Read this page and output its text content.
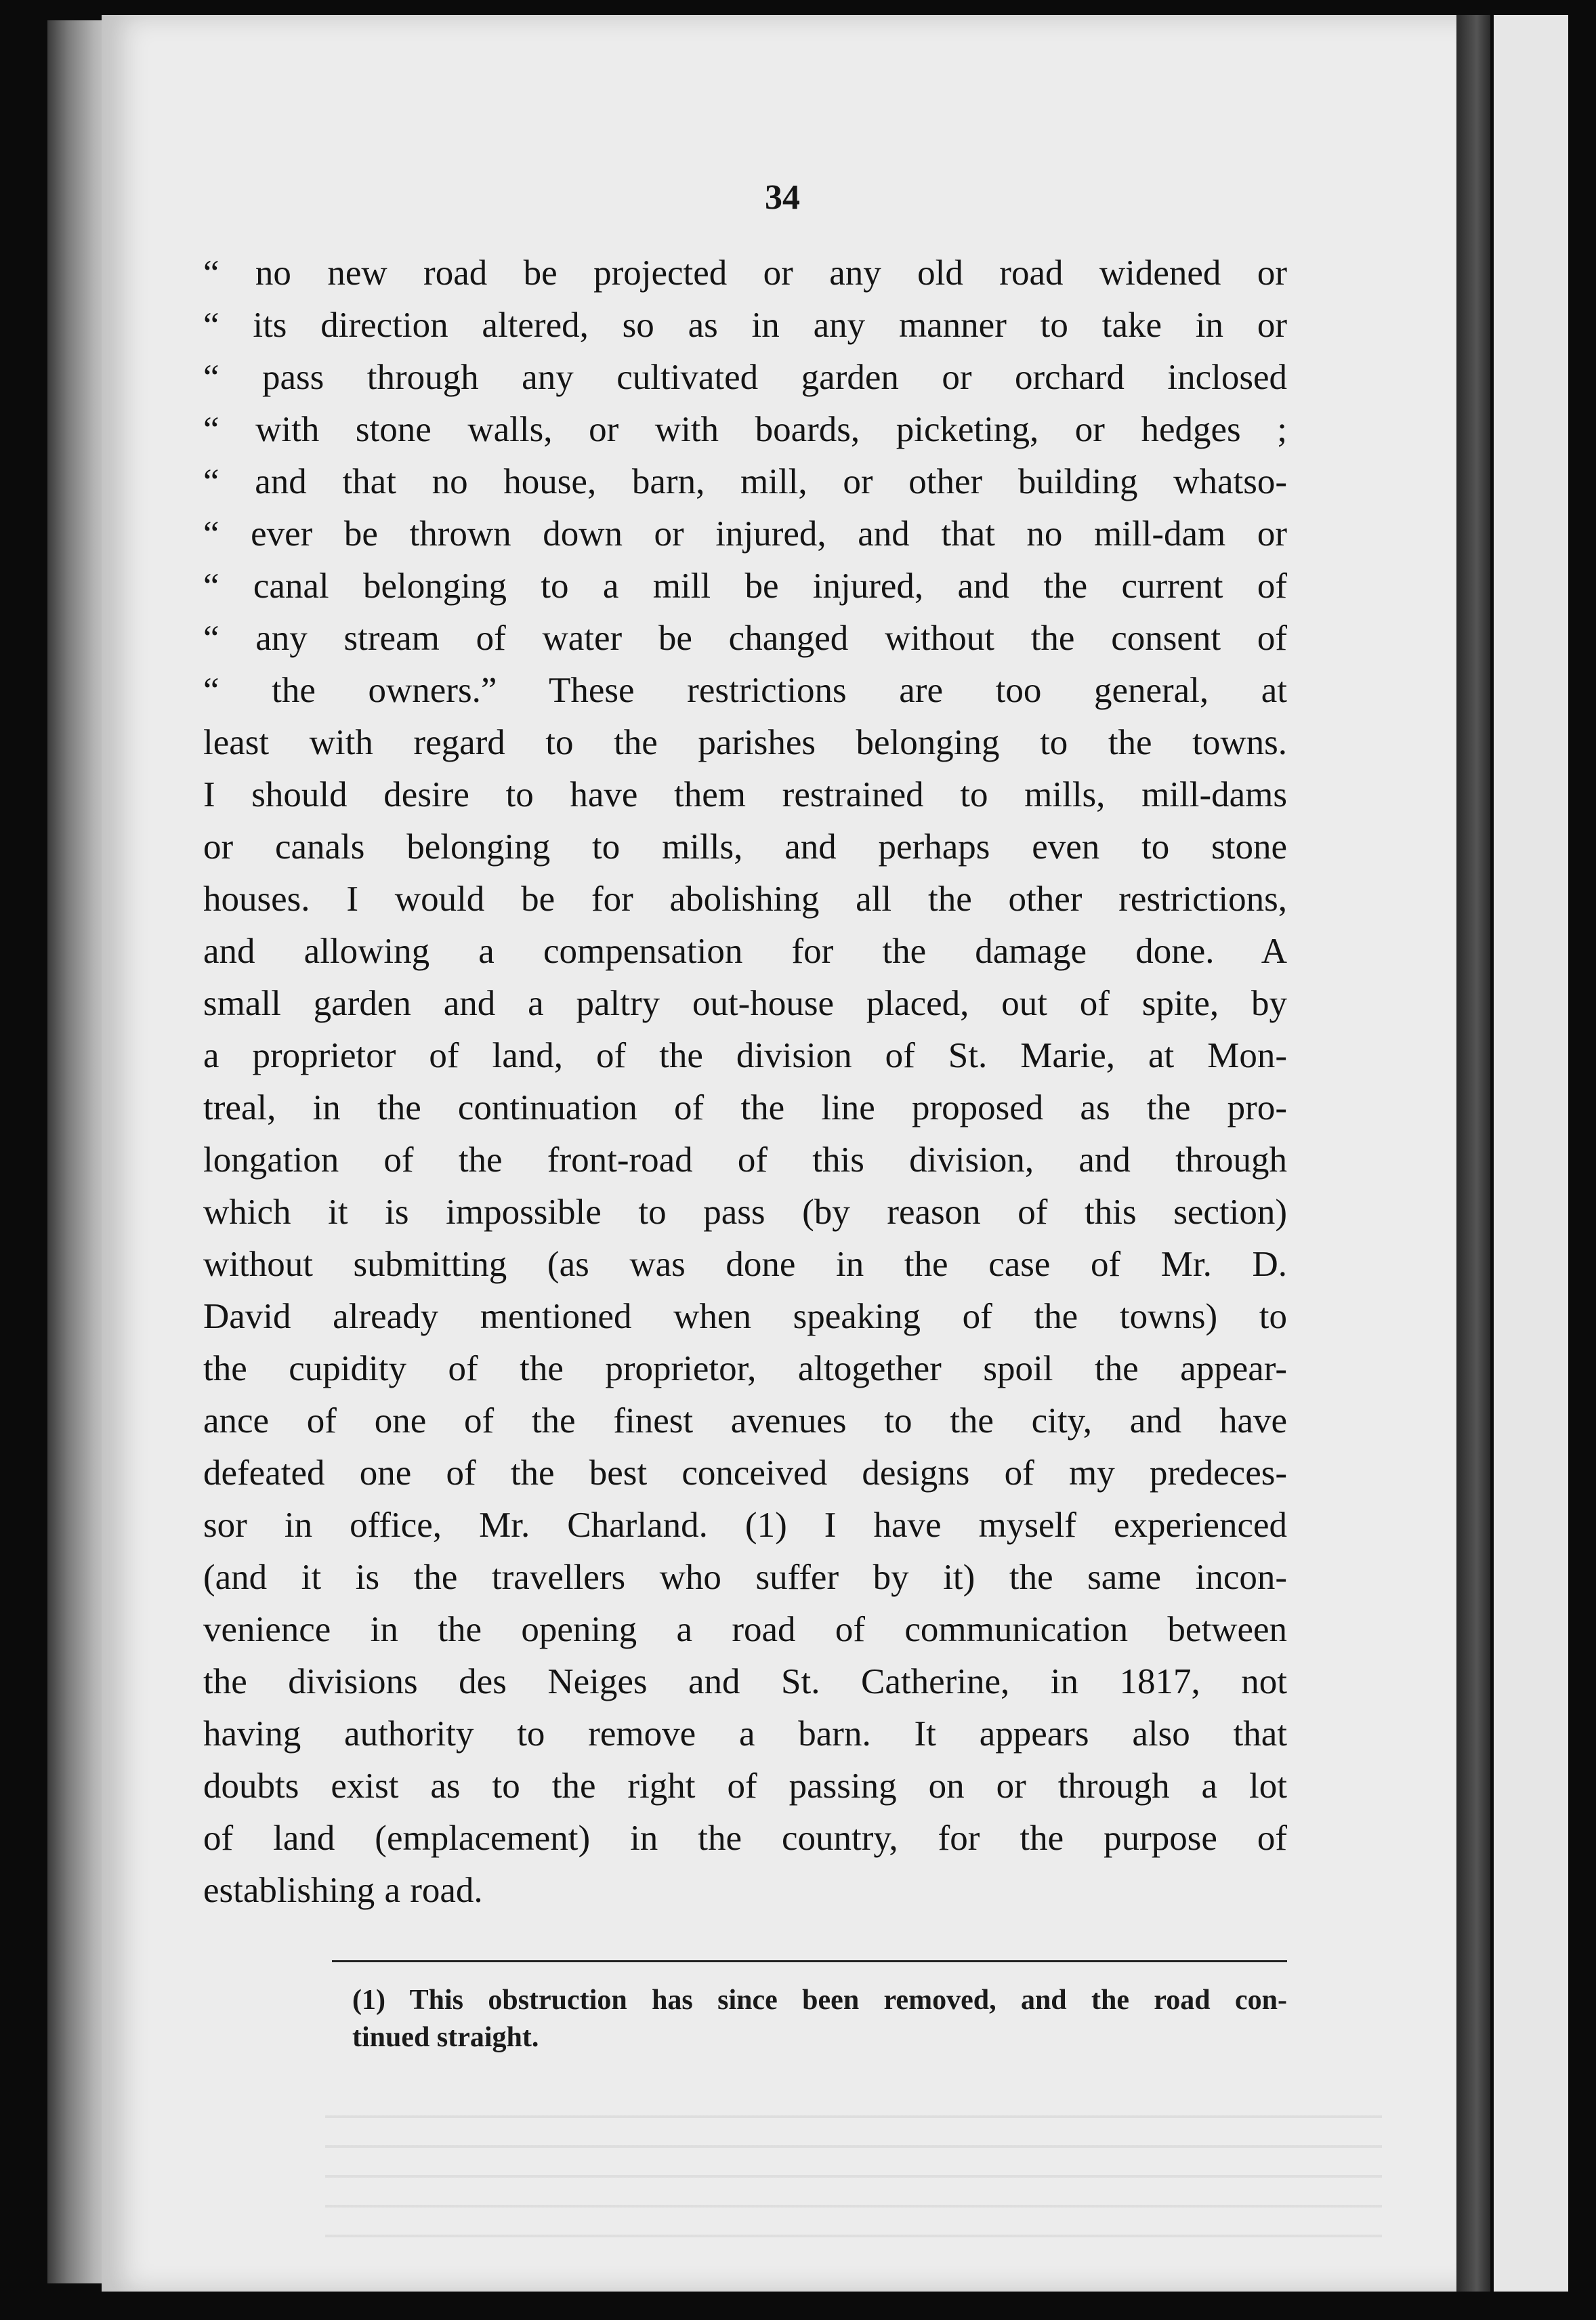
34
“ no new road be projected or any old road widened or
“ its direction altered, so as in any manner to take in or
“ pass through any cultivated garden or orchard inclosed
“ with stone walls, or with boards, picketing, or hedges ;
“ and that no house, barn, mill, or other building whatso-
“ ever be thrown down or injured, and that no mill-dam or
“ canal belonging to a mill be injured, and the current of
“ any stream of water be changed without the consent of
“ the owners.” These restrictions are too general, at
least with regard to the parishes belonging to the towns.
I should desire to have them restrained to mills, mill-dams
or canals belonging to mills, and perhaps even to stone
houses. I would be for abolishing all the other restrictions,
and allowing a compensation for the damage done. A
small garden and a paltry out-house placed, out of spite, by
a proprietor of land, of the division of St. Marie, at Mon-
treal, in the continuation of the line proposed as the pro-
longation of the front-road of this division, and through
which it is impossible to pass (by reason of this section)
without submitting (as was done in the case of Mr. D.
David already mentioned when speaking of the towns) to
the cupidity of the proprietor, altogether spoil the appear-
ance of one of the finest avenues to the city, and have
defeated one of the best conceived designs of my predeces-
sor in office, Mr. Charland. (1) I have myself experienced
(and it is the travellers who suffer by it) the same incon-
venience in the opening a road of communication between
the divisions des Neiges and St. Catherine, in 1817, not
having authority to remove a barn. It appears also that
doubts exist as to the right of passing on or through a lot
of land (emplacement) in the country, for the purpose of
establishing a road.
(1) This obstruction has since been removed, and the road con-
tinued straight.
